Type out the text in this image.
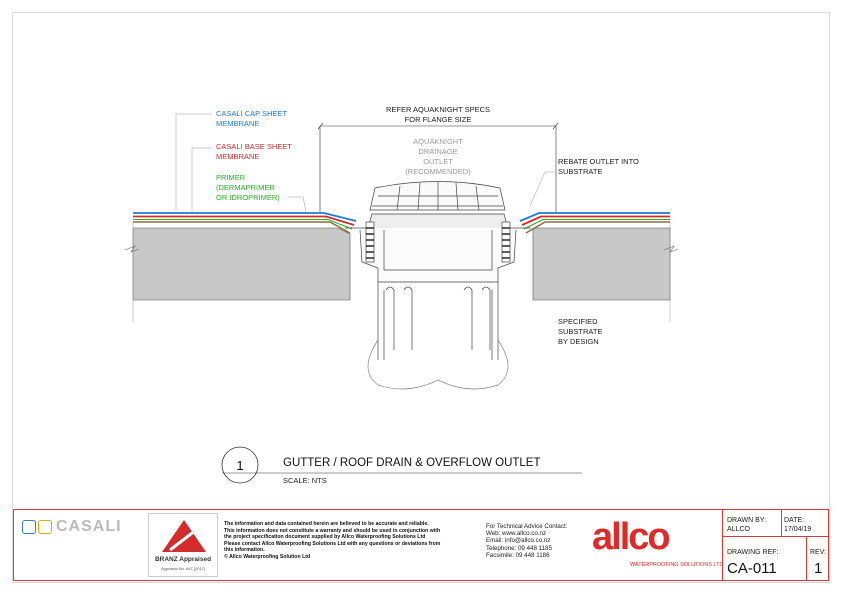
CASALI CAP SHEET
MEMBRANE
CASALI BASE SHEET
MEMBRANE
PRIMER
(DERMAPRIMER
OR IDROPRIMER)
REFER AQUAKNIGHT SPECS
FOR FLANGE SIZE
AQUAKNIGHT
DRAINAGE
OUTLET
(RECOMMENDED)
REBATE OUTLET INTO
SUBSTRATE
SPECIFIED
SUBSTRATE
BY DESIGN
1	GUTTER / ROOF DRAIN & OVERFLOW OUTLET
SCALE: NTS
CASALI
BRANZ Appraised
Appraisal No. 847 [2017]
The information and data contained herein are believed to be accurate and reliable.
This information does not constitute a warranty and should be used in conjunction with
the project specification document supplied by Allco Waterproofing Solutions Ltd
Please contact Allco Waterproofing Solutions Ltd with any questions or deviations from
this information.
© Allco Waterproofing Solution Ltd
For Technical Advice Contact:
Web: www.allco.co.nz
Email: info@allco.co.nz
Telephone: 09 448 1185
Facsimile: 09 448 1186	allco
WATERPROOFING SOLUTIONS LTD
DRAWN BY:
ALLCO
DATE:
17/04/19
DRAWING REF:
CA-011
REV:
1
